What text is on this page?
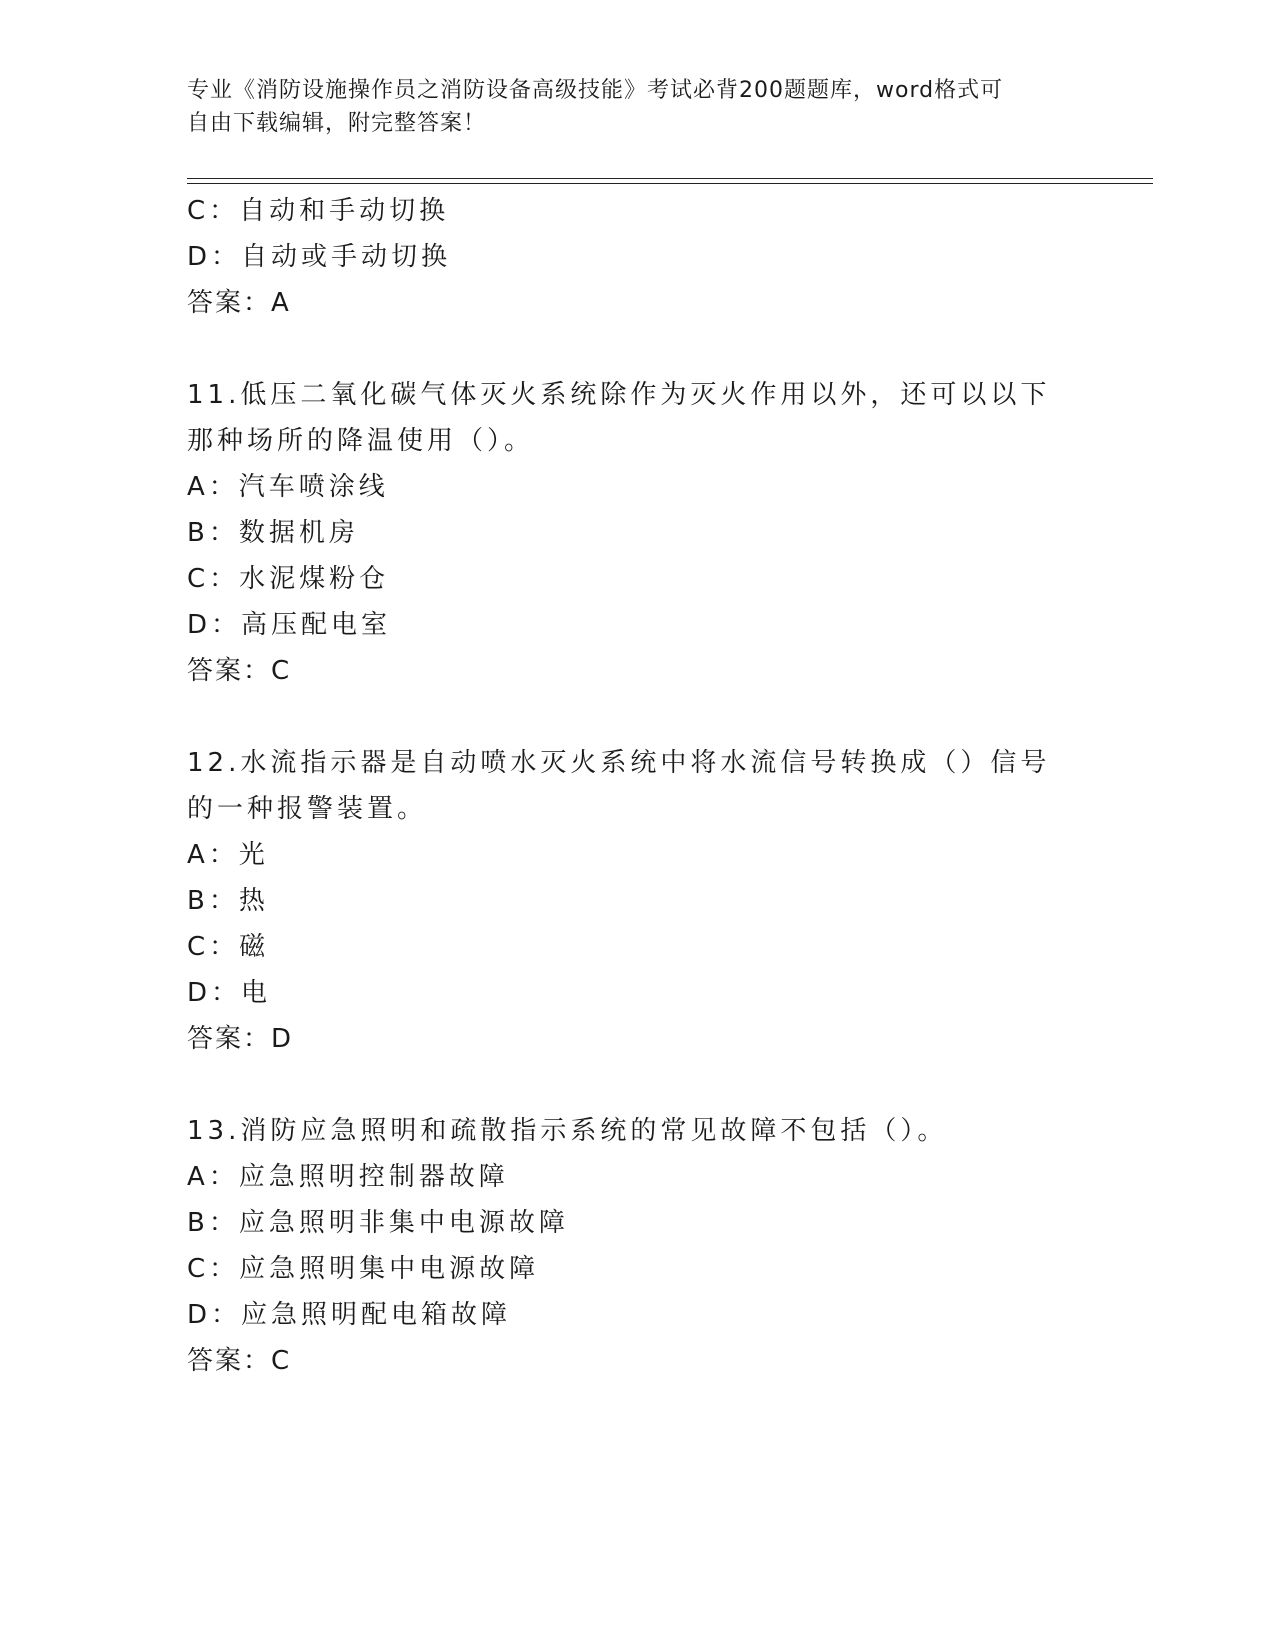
专业《消防设施操作员之消防设备高级技能》考试必背200题题库，word格式可
自由下载编辑，附完整答案！

C：自动和手动切换

D：自动或手动切换

答案：A

11.低压二氧化碳气体灭火系统除作为灭火作用以外，还可以以下那种场所的降温使用（）。

A：汽车喷涂线

B：数据机房

C：水泥煤粉仓

D：高压配电室

答案：C

12.水流指示器是自动喷水灭火系统中将水流信号转换成（）信号的一种报警装置。

A：光

B：热

C：磁

D：电

答案：D

13.消防应急照明和疏散指示系统的常见故障不包括（）。

A：应急照明控制器故障

B：应急照明非集中电源故障

C：应急照明集中电源故障

D：应急照明配电箱故障

答案：C
